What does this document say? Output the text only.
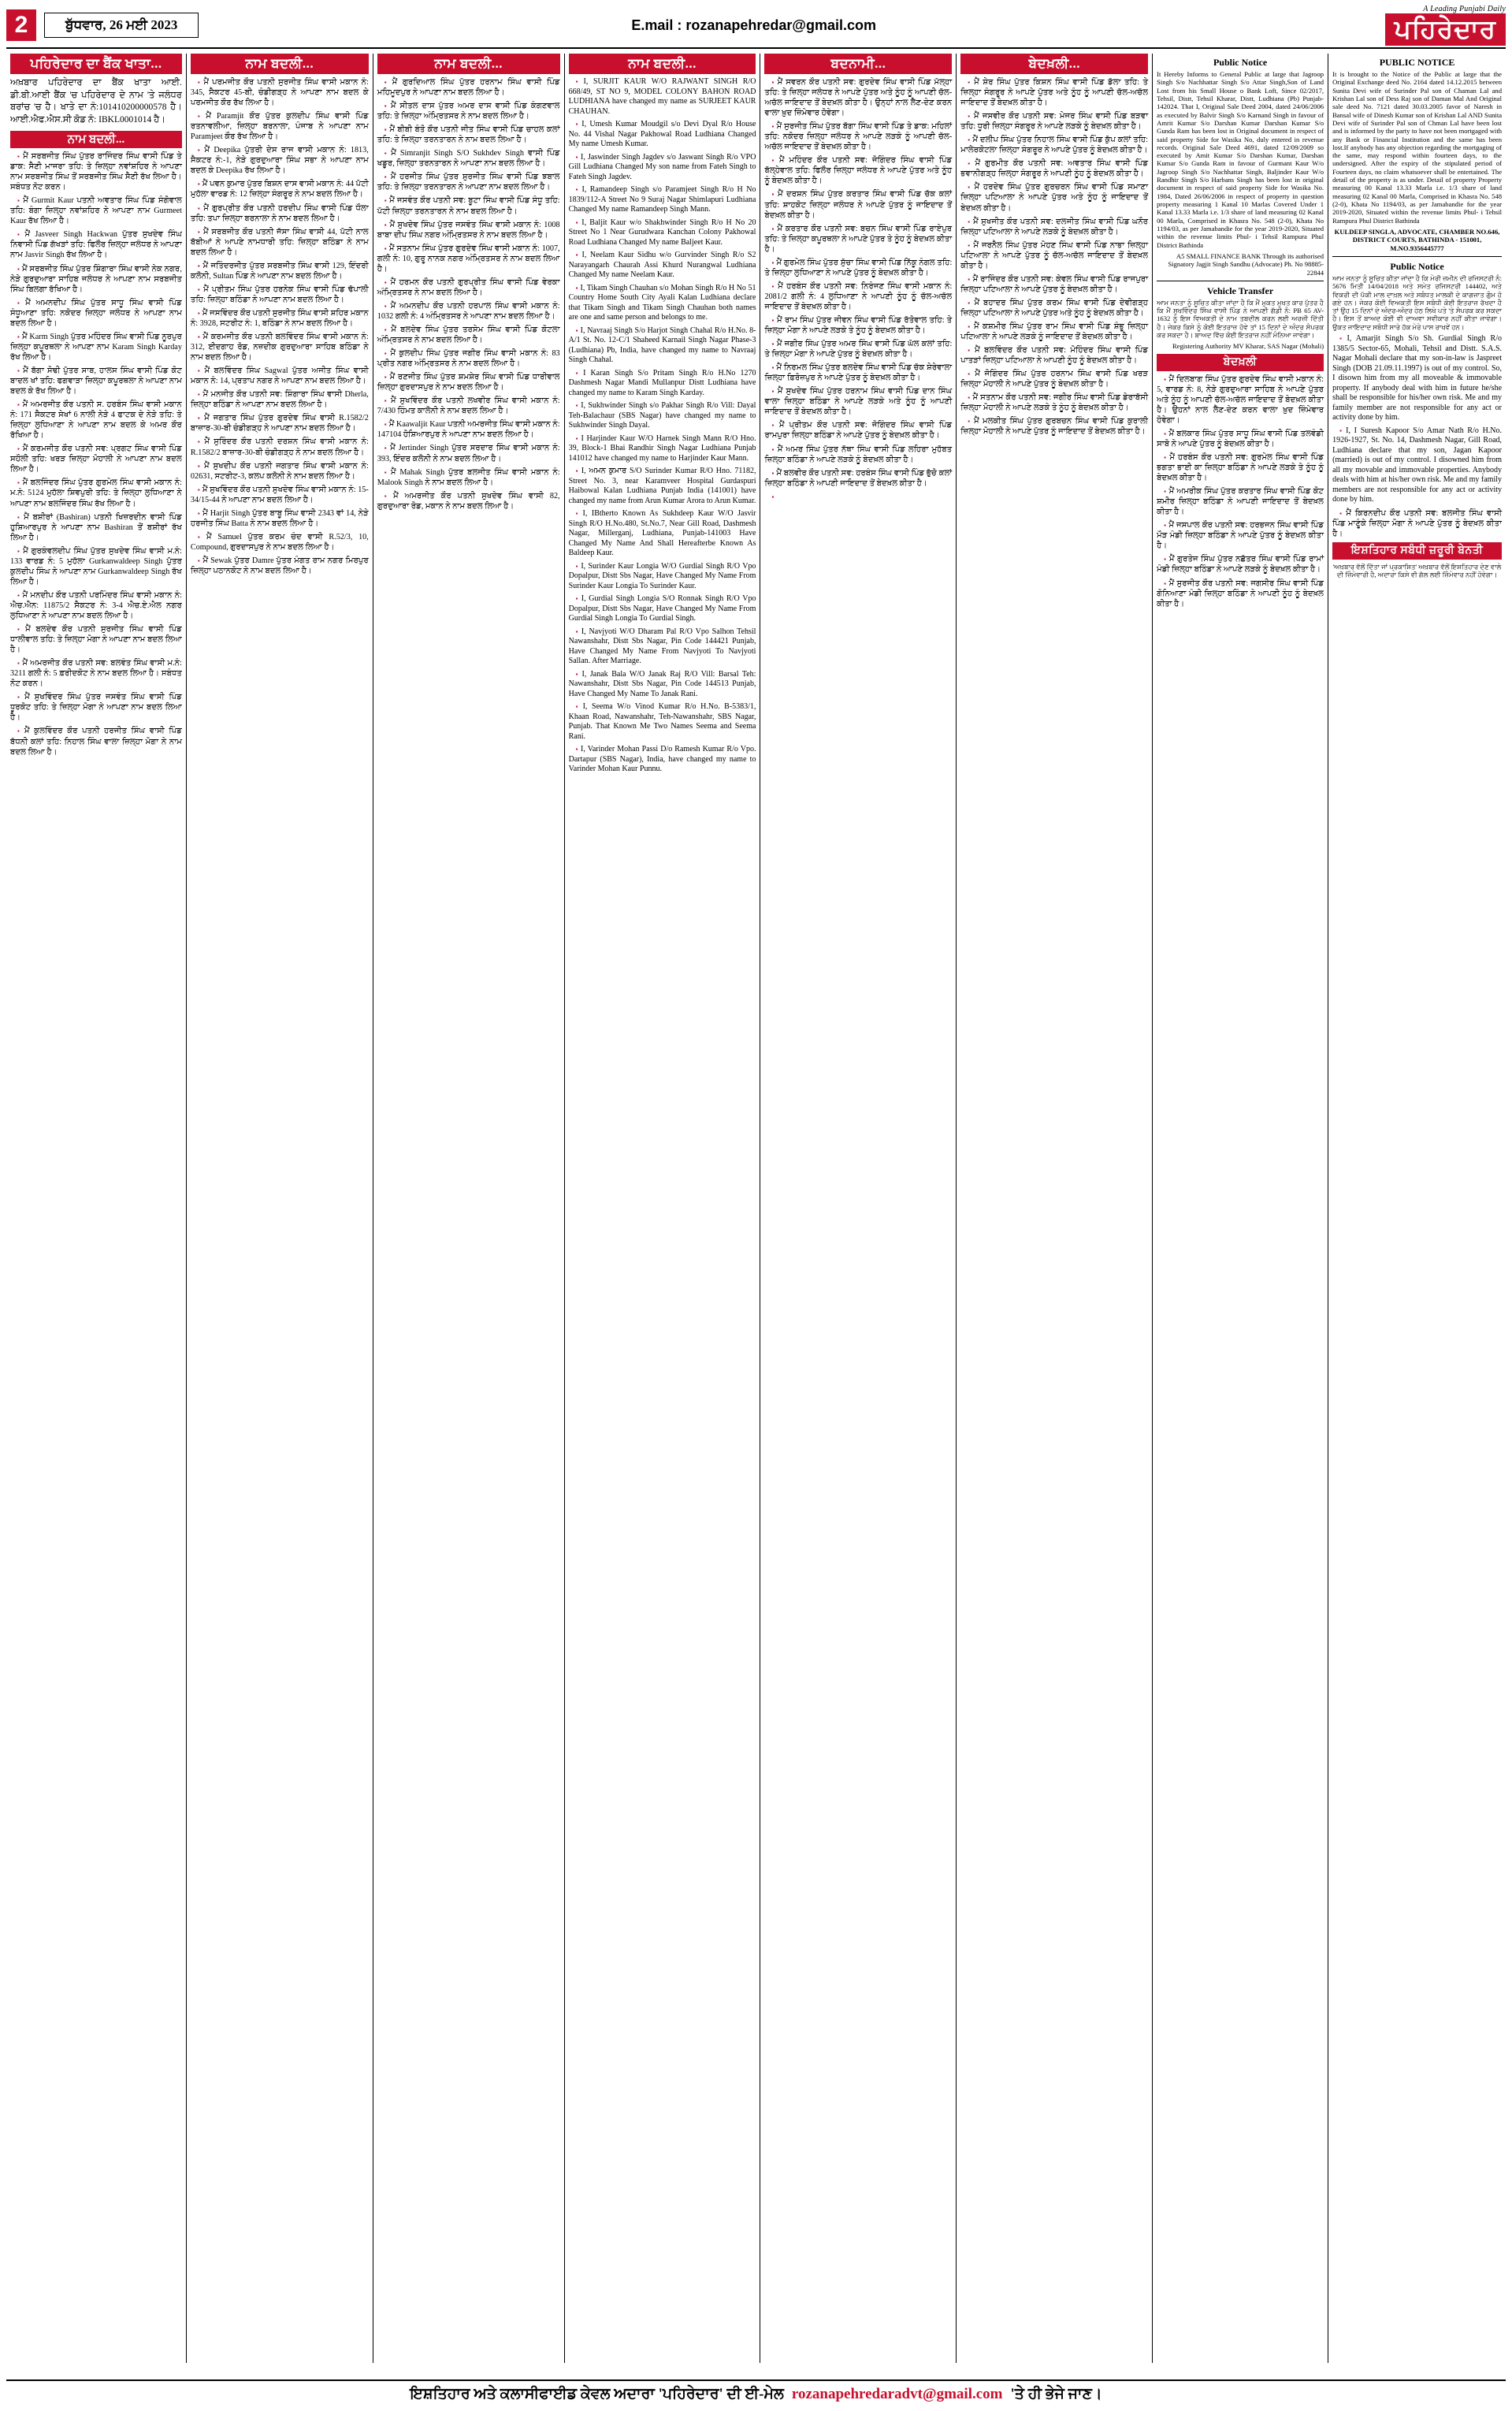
2	ਬੁੱਧਵਾਰ, 26 ਮਈ 2023	E.mail : rozanapehredar@gmail.com
A Leading Punjabi Daily
ਪਹਿਰੇਦਾਰ
ਪਹਿਰੇਦਾਰ ਦਾ ਬੈਂਕ ਖਾਤਾ...
ਅਖ਼ਬਾਰ ਪਹਿਰੇਦਾਰ ਦਾ ਬੈਂਕ ਖਾਤਾ ਆਈ. ਡੀ.ਬੀ.ਆਈ ਬੈਂਕ 'ਚ ਪਹਿਰੇਦਾਰ ਦੇ ਨਾਮ 'ਤੇ ਜਲੰਧਰ ਬਰਾਂਚ 'ਚ ਹੈ। ਖਾਤੇ ਦਾ ਨੰ:101410200000578 ਹੈ। ਆਈ.ਐਫ.ਐਸ.ਸੀ ਕੋਡ ਨੰ: IBKL0001014 ਹੈ।
ਨਾਮ ਬਦਲੀ...
▪ ਮੈਂ ਸਰਬਜੀਤ ਸਿੰਘ ਪੁੱਤਰ ਰਾਜਿੰਦਰ ਸਿੰਘ ਵਾਸੀ ਪਿੰਡ ਤੇ ਡਾਕ: ਸੈਣੀ ਮਾਜਰਾ ਤਹਿ: ਤੇ ਜ਼ਿਲ੍ਹਾ ਨਵਾਂਸ਼ਹਿਰ ਨੇ ਆਪਣਾ ਨਾਮ ਸਰਬਜੀਤ ਸਿੰਘ ਤੋਂ ਸਰਬਜੀਤ ਸਿੰਘ ਸੈਣੀ ਰੱਖ ਲਿਆ ਹੈ। ਸਬੰਧਤ ਨੋਟ ਕਰਨ।
▪ ਮੈਂ Gurmit Kaur ਪਤਨੀ ਅਵਤਾਰ ਸਿੰਘ ਪਿੰਡ ਸੰਗੋਵਾਲ ਤਹਿ: ਬੰਗਾ ਜ਼ਿਲ੍ਹਾ ਨਵਾਂਸ਼ਹਿਰ ਨੇ ਆਪਣਾ ਨਾਮ Gurmeet Kaur ਰੱਖ ਲਿਆ ਹੈ।
▪ ਮੈਂ Jasveer Singh Hackwan ਪੁੱਤਰ ਸੁਖਦੇਵ ਸਿੰਘ ਨਿਵਾਸੀ ਪਿੰਡ ਗੱਖੜਾਂ ਤਹਿ: ਫਿਲੌਰ ਜ਼ਿਲ੍ਹਾ ਜਲੰਧਰ ਨੇ ਆਪਣਾ ਨਾਮ Jasvir Singh ਰੱਖ ਲਿਆ ਹੈ।
▪ ਮੈਂ ਸਰਬਜੀਤ ਸਿੰਘ ਪੁੱਤਰ ਸ਼ਿੰਗਾਰਾ ਸਿੰਘ ਵਾਸੀ ਨੇਕ ਨਗਰ, ਨੇੜੇ ਗੁਰਦੁਆਰਾ ਸਾਹਿਬ ਜਲੰਧਰ ਨੇ ਆਪਣਾ ਨਾਮ ਸਰਬਜੀਤ ਸਿੰਘ ਬਿਲਗਾ ਰੱਖਿਆ ਹੈ।
▪ ਮੈਂ ਅਮਨਦੀਪ ਸਿੰਘ ਪੁੱਤਰ ਸਾਧੂ ਸਿੰਘ ਵਾਸੀ ਪਿੰਡ ਸੰਧੂਆਣਾ ਤਹਿ: ਨਕੋਦਰ ਜ਼ਿਲ੍ਹਾ ਜਲੰਧਰ ਨੇ ਆਪਣਾ ਨਾਮ ਬਦਲ ਲਿਆ ਹੈ।
▪ ਮੈਂ Karm Singh ਪੁੱਤਰ ਮਹਿੰਦਰ ਸਿੰਘ ਵਾਸੀ ਪਿੰਡ ਨੂਰਪੁਰ ਜ਼ਿਲ੍ਹਾ ਕਪੂਰਥਲਾ ਨੇ ਆਪਣਾ ਨਾਮ Karam Singh Karday ਰੱਖ ਲਿਆ ਹੈ।
▪ ਮੈਂ ਬੱਗਾ ਸੋਢੀ ਪੁੱਤਰ ਸਾਬ, ਹਾਲਸ ਸਿੰਘ ਵਾਸੀ ਪਿੰਡ ਕੋਟ ਬਾਦਲ ਖਾਂ ਤਹਿ: ਫਗਵਾੜਾ ਜ਼ਿਲ੍ਹਾ ਕਪੂਰਥਲਾ ਨੇ ਆਪਣਾ ਨਾਮ ਬਦਲ ਕੇ ਰੱਖ ਲਿਆ ਹੈ।
▪ ਮੈਂ ਅਮਰਜੀਤ ਕੌਰ ਪਤਨੀ ਸ. ਹਰਬੰਸ ਸਿੰਘ ਵਾਸੀ ਮਕਾਨ ਨੰ: 171 ਸੈਕਟਰ ਸੇਖਾਂ 6 ਨਾਲੀ ਨੇੜੇ 4 ਫਾਟਕ ਦੇ ਨੇੜੇ ਤਹਿ: ਤੇ ਜ਼ਿਲ੍ਹਾ ਲੁਧਿਆਣਾ ਨੇ ਆਪਣਾ ਨਾਮ ਬਦਲ ਕੇ ਅਮਰ ਕੌਰ ਰੱਖਿਆ ਹੈ।
▪ ਮੈਂ ਕਰਮਜੀਤ ਕੌਰ ਪਤਨੀ ਸਵ: ਪ੍ਰਗਟ ਸਿੰਘ ਵਾਸੀ ਪਿੰਡ ਸਹੌਲੀ ਤਹਿ: ਖਰੜ ਜ਼ਿਲ੍ਹਾ ਮੋਹਾਲੀ ਨੇ ਆਪਣਾ ਨਾਮ ਬਦਲ ਲਿਆ ਹੈ।
▪ ਮੈਂ ਬਲਜਿੰਦਰ ਸਿੰਘ ਪੁੱਤਰ ਗੁਰਮੇਲ ਸਿੰਘ ਵਾਸੀ ਮਕਾਨ ਨੰ: ਮ.ਨੰ: 5124 ਮੁਹੱਲਾ ਸ਼ਿਵਪੁਰੀ ਤਹਿ: ਤੇ ਜ਼ਿਲ੍ਹਾ ਲੁਧਿਆਣਾ ਨੇ ਆਪਣਾ ਨਾਮ ਬਲਜਿੰਦਰ ਸਿੰਘ ਰੱਖ ਲਿਆ ਹੈ।
▪ ਮੈਂ ਬਸ਼ੀਰਾਂ (Bashiran) ਪਤਨੀ ਖਿਜ਼ਰਦੀਨ ਵਾਸੀ ਪਿੰਡ ਹੁਸ਼ਿਆਰਪੁਰ ਨੇ ਆਪਣਾ ਨਾਮ Bashiran ਤੋਂ ਬਸ਼ੀਰਾਂ ਰੱਖ ਲਿਆ ਹੈ।
▪ ਮੈਂ ਗੁਰਕੰਵਲਦੀਪ ਸਿੰਘ ਪੁੱਤਰ ਸੁਖਦੇਵ ਸਿੰਘ ਵਾਸੀ ਮ.ਨੰ: 133 ਵਾਰਡ ਨੰ: 5 ਮੁਹੱਲਾ Gurkanwaldeep Singh ਪੁੱਤਰ ਕੁਲਦੀਪ ਸਿੰਘ ਨੇ ਆਪਣਾ ਨਾਮ Gurkanwaldeep Singh ਰੱਖ ਲਿਆ ਹੈ।
▪ ਮੈਂ ਮਨਦੀਪ ਕੌਰ ਪਤਨੀ ਪਰਮਿੰਦਰ ਸਿੰਘ ਵਾਸੀ ਮਕਾਨ ਨੰ: ਐਚ.ਐਨ: 11875/2 ਸੈਕਟਰ ਨੰ: 3-4 ਐਚ.ਏ.ਐਲ ਨਗਰ ਲੁਧਿਆਣਾ ਨੇ ਆਪਣਾ ਨਾਮ ਬਦਲ ਲਿਆ ਹੈ।
▪ ਮੈਂ ਬਲਦੇਵ ਕੌਰ ਪਤਨੀ ਸੁਰਜੀਤ ਸਿੰਘ ਵਾਸੀ ਪਿੰਡ ਧਾਲੀਵਾਲ ਤਹਿ: ਤੇ ਜ਼ਿਲ੍ਹਾ ਮੋਗਾ ਨੇ ਆਪਣਾ ਨਾਮ ਬਦਲ ਲਿਆ ਹੈ।
▪ ਮੈਂ ਅਮਰਜੀਤ ਕੌਰ ਪਤਨੀ ਸਵ: ਬਲਵੰਤ ਸਿੰਘ ਵਾਸੀ ਮ.ਨੰ: 3211 ਗਲੀ ਨੰ: 5 ਫ਼ਰੀਦਕੋਟ ਨੇ ਨਾਮ ਬਦਲ ਲਿਆ ਹੈ। ਸਬੰਧਤ ਨੋਟ ਕਰਨ।
▪ ਮੈਂ ਸੁਖਵਿੰਦਰ ਸਿੰਘ ਪੁੱਤਰ ਜਸਵੰਤ ਸਿੰਘ ਵਾਸੀ ਪਿੰਡ ਧੂਰਕੋਟ ਤਹਿ: ਤੇ ਜ਼ਿਲ੍ਹਾ ਮੋਗਾ ਨੇ ਆਪਣਾ ਨਾਮ ਬਦਲ ਲਿਆ ਹੈ।
▪ ਮੈਂ ਕੁਲਵਿੰਦਰ ਕੌਰ ਪਤਨੀ ਹਰਜੀਤ ਸਿੰਘ ਵਾਸੀ ਪਿੰਡ ਬੱਧਨੀ ਕਲਾਂ ਤਹਿ: ਨਿਹਾਲ ਸਿੰਘ ਵਾਲਾ ਜ਼ਿਲ੍ਹਾ ਮੋਗਾ ਨੇ ਨਾਮ ਬਦਲ ਲਿਆ ਹੈ।
ਨਾਮ ਬਦਲੀ...
▪ ਮੈਂ ਪਰਮਜੀਤ ਕੌਰ ਪਤਨੀ ਸੁਰਜੀਤ ਸਿੰਘ ਵਾਸੀ ਮਕਾਨ ਨੰ: 345, ਸੈਕਟਰ 45-ਬੀ, ਚੰਡੀਗੜ੍ਹ ਨੇ ਆਪਣਾ ਨਾਮ ਬਦਲ ਕੇ ਪਰਮਜੀਤ ਕੌਰ ਰੱਖ ਲਿਆ ਹੈ।
▪ ਮੈਂ Paramjit ਕੌਰ ਪੁੱਤਰ ਕੁਲਦੀਪ ਸਿੰਘ ਵਾਸੀ ਪਿੰਡ ਰਤਨਾਵਲੀਆ, ਜ਼ਿਲ੍ਹਾ ਬਰਨਾਲਾ, ਪੰਜਾਬ ਨੇ ਆਪਣਾ ਨਾਮ Paramjeet ਕੌਰ ਰੱਖ ਲਿਆ ਹੈ।
▪ ਮੈਂ Deepika ਪੁੱਤਰੀ ਦੇਸ ਰਾਜ ਵਾਸੀ ਮਕਾਨ ਨੰ: 1813, ਸੈਕਟਰ ਨੰ:-1, ਨੇੜੇ ਗੁਰਦੁਆਰਾ ਸਿੰਘ ਸਭਾ ਨੇ ਆਪਣਾ ਨਾਮ ਬਦਲ ਕੇ Deepika ਰੱਖ ਲਿਆ ਹੈ।
▪ ਮੈਂ ਪਵਨ ਕੁਮਾਰ ਪੁੱਤਰ ਬਿਸ਼ਨ ਦਾਸ ਵਾਸੀ ਮਕਾਨ ਨੰ: 44 ਪੱਟੀ ਮੁਹੱਲਾ ਵਾਰਡ ਨੰ: 12 ਜ਼ਿਲ੍ਹਾ ਸੰਗਰੂਰ ਨੇ ਨਾਮ ਬਦਲ ਲਿਆ ਹੈ।
▪ ਮੈਂ ਗੁਰਪ੍ਰੀਤ ਕੌਰ ਪਤਨੀ ਹਰਦੀਪ ਸਿੰਘ ਵਾਸੀ ਪਿੰਡ ਧੌਲਾ ਤਹਿ: ਤਪਾ ਜ਼ਿਲ੍ਹਾ ਬਰਨਾਲਾ ਨੇ ਨਾਮ ਬਦਲ ਲਿਆ ਹੈ।
▪ ਮੈਂ ਸਰਬਜੀਤ ਕੌਰ ਪਤਨੀ ਜੱਸਾ ਸਿੰਘ ਵਾਸੀ 44, ਪੱਟੀ ਨਾਲ ਬੱਬੀਆਂ ਨੇ ਆਪਣੇ ਨਾਮਧਾਰੀ ਤਹਿ: ਜ਼ਿਲ੍ਹਾ ਬਠਿੰਡਾ ਨੇ ਨਾਮ ਬਦਲ ਲਿਆ ਹੈ।
▪ ਮੈਂ ਜਤਿੰਦਰਜੀਤ ਪੁੱਤਰ ਸਰਬਜੀਤ ਸਿੰਘ ਵਾਸੀ 129, ਇੰਦਰੀ ਕਲੋਨੀ, Sultan ਪਿੰਡ ਨੇ ਆਪਣਾ ਨਾਮ ਬਦਲ ਲਿਆ ਹੈ।
▪ ਮੈਂ ਪ੍ਰੀਤਮ ਸਿੰਘ ਪੁੱਤਰ ਹਰਨੇਕ ਸਿੰਘ ਵਾਸੀ ਪਿੰਡ ਢੱਪਾਲੀ ਤਹਿ: ਜ਼ਿਲ੍ਹਾ ਬਠਿੰਡਾ ਨੇ ਆਪਣਾ ਨਾਮ ਬਦਲ ਲਿਆ ਹੈ।
▪ ਮੈਂ ਜਸਵਿੰਦਰ ਕੌਰ ਪਤਨੀ ਸੁਰਜੀਤ ਸਿੰਘ ਵਾਸੀ ਸ਼ਹਿਰ ਮਕਾਨ ਨੰ: 3928, ਸਟਰੀਟ ਨੰ: 1, ਬਠਿੰਡਾ ਨੇ ਨਾਮ ਬਦਲ ਲਿਆ ਹੈ।
▪ ਮੈਂ ਕਰਮਜੀਤ ਕੌਰ ਪਤਨੀ ਬਲਵਿੰਦਰ ਸਿੰਘ ਵਾਸੀ ਮਕਾਨ ਨੰ: 312, ਈਦਗਾਹ ਰੋਡ, ਨਜ਼ਦੀਕ ਗੁਰਦੁਆਰਾ ਸਾਹਿਬ ਬਠਿੰਡਾ ਨੇ ਨਾਮ ਬਦਲ ਲਿਆ ਹੈ।
▪ ਮੈਂ ਬਲਵਿੰਦਰ ਸਿੰਘ Sagwal ਪੁੱਤਰ ਅਜੀਤ ਸਿੰਘ ਵਾਸੀ ਮਕਾਨ ਨੰ: 14, ਪ੍ਰਤਾਪ ਨਗਰ ਨੇ ਆਪਣਾ ਨਾਮ ਬਦਲ ਲਿਆ ਹੈ।
▪ ਮੈਂ ਮਨਜੀਤ ਕੌਰ ਪਤਨੀ ਸਵ: ਸ਼ਿੰਗਾਰਾ ਸਿੰਘ ਵਾਸੀ Dherla, ਜ਼ਿਲ੍ਹਾ ਬਠਿੰਡਾ ਨੇ ਆਪਣਾ ਨਾਮ ਬਦਲ ਲਿਆ ਹੈ।
▪ ਮੈਂ ਜਗਤਾਰ ਸਿੰਘ ਪੁੱਤਰ ਗੁਰਦੇਵ ਸਿੰਘ ਵਾਸੀ R.1582/2 ਬਾਜ਼ਾਰ-30-ਬੀ ਚੰਡੀਗੜ੍ਹ ਨੇ ਆਪਣਾ ਨਾਮ ਬਦਲ ਲਿਆ ਹੈ।
▪ ਮੈਂ ਸੁਰਿੰਦਰ ਕੌਰ ਪਤਨੀ ਦਰਸ਼ਨ ਸਿੰਘ ਵਾਸੀ ਮਕਾਨ ਨੰ: R.1582/2 ਬਾਜ਼ਾਰ-30-ਬੀ ਚੰਡੀਗੜ੍ਹ ਨੇ ਨਾਮ ਬਦਲ ਲਿਆ ਹੈ।
▪ ਮੈਂ ਸੁਖਦੀਪ ਕੌਰ ਪਤਨੀ ਜਗਤਾਰ ਸਿੰਘ ਵਾਸੀ ਮਕਾਨ ਨੰ: 02631, ਸਟਰੀਟ-3, ਕਲਪ ਕਲੋਨੀ ਨੇ ਨਾਮ ਬਦਲ ਲਿਆ ਹੈ।
▪ ਮੈਂ ਸੁਖਵਿੰਦਰ ਕੌਰ ਪਤਨੀ ਸੁਖਦੇਵ ਸਿੰਘ ਵਾਸੀ ਮਕਾਨ ਨੰ: 15-34/15-44 ਨੇ ਆਪਣਾ ਨਾਮ ਬਦਲ ਲਿਆ ਹੈ।
▪ ਮੈਂ Harjit Singh ਪੁੱਤਰ ਬਾਬੂ ਸਿੰਘ ਵਾਸੀ 2343 ਵਾਂ 14, ਨੇੜੇ ਹਰਜੀਤ ਸਿੰਘ Batta ਨੇ ਨਾਮ ਬਦਲ ਲਿਆ ਹੈ।
▪ ਮੈਂ Samuel ਪੁੱਤਰ ਕਰਮ ਚੰਦ ਵਾਸੀ R.52/3, 10, Compound, ਗੁਰਦਾਸਪੁਰ ਨੇ ਨਾਮ ਬਦਲ ਲਿਆ ਹੈ।
▪ ਮੈਂ Sewak ਪੁੱਤਰ Damre ਪੁੱਤਰ ਮੰਗਤ ਰਾਮ ਨਗਰ ਮਿਰਪੁਰ ਜ਼ਿਲ੍ਹਾ ਪਠਾਨਕੋਟ ਨੇ ਨਾਮ ਬਦਲ ਲਿਆ ਹੈ।
ਨਾਮ ਬਦਲੀ...
▪ ਮੈਂ ਗੁਰਦਿਆਲ ਸਿੰਘ ਪੁੱਤਰ ਹਰਨਾਮ ਸਿੰਘ ਵਾਸੀ ਪਿੰਡ ਮਹਿਮੂਦਪੁਰ ਨੇ ਆਪਣਾ ਨਾਮ ਬਦਲ ਲਿਆ ਹੈ।
▪ ਮੈਂ ਸੀਤਲ ਦਾਸ ਪੁੱਤਰ ਅਮਰ ਦਾਸ ਵਾਸੀ ਪਿੰਡ ਕੰਗਣਵਾਲ ਤਹਿ: ਤੇ ਜ਼ਿਲ੍ਹਾ ਅੰਮ੍ਰਿਤਸਰ ਨੇ ਨਾਮ ਬਦਲ ਲਿਆ ਹੈ।
▪ ਮੈਂ ਬੀਬੀ ਬੰਤੋ ਕੌਰ ਪਤਨੀ ਜੀਤ ਸਿੰਘ ਵਾਸੀ ਪਿੰਡ ਚਾਹਲ ਕਲਾਂ ਤਹਿ: ਤੇ ਜ਼ਿਲ੍ਹਾ ਤਰਨਤਾਰਨ ਨੇ ਨਾਮ ਬਦਲ ਲਿਆ ਹੈ।
▪ ਮੈਂ Simranjit Singh S/O Sukhdev Singh ਵਾਸੀ ਪਿੰਡ ਖਡੂਰ, ਜ਼ਿਲ੍ਹਾ ਤਰਨਤਾਰਨ ਨੇ ਆਪਣਾ ਨਾਮ ਬਦਲ ਲਿਆ ਹੈ।
▪ ਮੈਂ ਹਰਜੀਤ ਸਿੰਘ ਪੁੱਤਰ ਸੁਰਜੀਤ ਸਿੰਘ ਵਾਸੀ ਪਿੰਡ ਝਬਾਲ ਤਹਿ: ਤੇ ਜ਼ਿਲ੍ਹਾ ਤਰਨਤਾਰਨ ਨੇ ਆਪਣਾ ਨਾਮ ਬਦਲ ਲਿਆ ਹੈ।
▪ ਮੈਂ ਜਸਵੰਤ ਕੌਰ ਪਤਨੀ ਸਵ: ਬੂਟਾ ਸਿੰਘ ਵਾਸੀ ਪਿੰਡ ਸੰਧੂ ਤਹਿ: ਪੱਟੀ ਜ਼ਿਲ੍ਹਾ ਤਰਨਤਾਰਨ ਨੇ ਨਾਮ ਬਦਲ ਲਿਆ ਹੈ।
▪ ਮੈਂ ਸੁਖਦੇਵ ਸਿੰਘ ਪੁੱਤਰ ਜਸਵੰਤ ਸਿੰਘ ਵਾਸੀ ਮਕਾਨ ਨੰ: 1008 ਬਾਬਾ ਦੀਪ ਸਿੰਘ ਨਗਰ ਅੰਮ੍ਰਿਤਸਰ ਨੇ ਨਾਮ ਬਦਲ ਲਿਆ ਹੈ।
▪ ਮੈਂ ਸਤਨਾਮ ਸਿੰਘ ਪੁੱਤਰ ਗੁਰਦੇਵ ਸਿੰਘ ਵਾਸੀ ਮਕਾਨ ਨੰ: 1007, ਗਲੀ ਨੰ: 10, ਗੁਰੂ ਨਾਨਕ ਨਗਰ ਅੰਮ੍ਰਿਤਸਰ ਨੇ ਨਾਮ ਬਦਲ ਲਿਆ ਹੈ।
▪ ਮੈਂ ਹਰਮਨ ਕੌਰ ਪਤਨੀ ਗੁਰਪ੍ਰੀਤ ਸਿੰਘ ਵਾਸੀ ਪਿੰਡ ਵੇਰਕਾ ਅੰਮ੍ਰਿਤਸਰ ਨੇ ਨਾਮ ਬਦਲ ਲਿਆ ਹੈ।
▪ ਮੈਂ ਅਮਨਦੀਪ ਕੌਰ ਪਤਨੀ ਹਰਪਾਲ ਸਿੰਘ ਵਾਸੀ ਮਕਾਨ ਨੰ: 1032 ਗਲੀ ਨੰ: 4 ਅੰਮ੍ਰਿਤਸਰ ਨੇ ਆਪਣਾ ਨਾਮ ਬਦਲ ਲਿਆ ਹੈ।
▪ ਮੈਂ ਬਲਦੇਵ ਸਿੰਘ ਪੁੱਤਰ ਤਰਸੇਮ ਸਿੰਘ ਵਾਸੀ ਪਿੰਡ ਕੋਟਲਾ ਅੰਮ੍ਰਿਤਸਰ ਨੇ ਨਾਮ ਬਦਲ ਲਿਆ ਹੈ।
▪ ਮੈਂ ਕੁਲਦੀਪ ਸਿੰਘ ਪੁੱਤਰ ਜਗੀਰ ਸਿੰਘ ਵਾਸੀ ਮਕਾਨ ਨੰ: 83 ਪ੍ਰੀਤ ਨਗਰ ਅੰਮ੍ਰਿਤਸਰ ਨੇ ਨਾਮ ਬਦਲ ਲਿਆ ਹੈ।
▪ ਮੈਂ ਰਣਜੀਤ ਸਿੰਘ ਪੁੱਤਰ ਸ਼ਮਸ਼ੇਰ ਸਿੰਘ ਵਾਸੀ ਪਿੰਡ ਧਾਰੀਵਾਲ ਜ਼ਿਲ੍ਹਾ ਗੁਰਦਾਸਪੁਰ ਨੇ ਨਾਮ ਬਦਲ ਲਿਆ ਹੈ।
▪ ਮੈਂ ਸੁਖਵਿੰਦਰ ਕੌਰ ਪਤਨੀ ਲਖਵੀਰ ਸਿੰਘ ਵਾਸੀ ਮਕਾਨ ਨੰ: 7/430 ਹਿੰਮਤ ਕਾਲੋਨੀ ਨੇ ਨਾਮ ਬਦਲ ਲਿਆ ਹੈ।
▪ ਮੈਂ Kaawaljit Kaur ਪਤਨੀ ਅਮਰਜੀਤ ਸਿੰਘ ਵਾਸੀ ਮਕਾਨ ਨੰ: 147104 ਹੋਸ਼ਿਆਰਪੁਰ ਨੇ ਆਪਣਾ ਨਾਮ ਬਦਲ ਲਿਆ ਹੈ।
▪ ਮੈਂ Jertinder Singh ਪੁੱਤਰ ਸਰਦਾਰ ਸਿੰਘ ਵਾਸੀ ਮਕਾਨ ਨੰ: 393, ਇੰਦਰ ਕਲੋਨੀ ਨੇ ਨਾਮ ਬਦਲ ਲਿਆ ਹੈ।
▪ ਮੈਂ Mahak Singh ਪੁੱਤਰ ਬਲਜੀਤ ਸਿੰਘ ਵਾਸੀ ਮਕਾਨ ਨੰ: Malook Singh ਨੇ ਨਾਮ ਬਦਲ ਲਿਆ ਹੈ।
▪ ਮੈਂ ਅਮਰਜੀਤ ਕੌਰ ਪਤਨੀ ਸੁਖਦੇਵ ਸਿੰਘ ਵਾਸੀ 82, ਗੁਰਦੁਆਰਾ ਰੋਡ, ਮਕਾਨ ਨੇ ਨਾਮ ਬਦਲ ਲਿਆ ਹੈ।
ਨਾਮ ਬਦਲੀ...
▪ I, SURJIT KAUR W/O RAJWANT SINGH R/O 668/49, ST NO 9, MODEL COLONY BAHON ROAD LUDHIANA have changed my name as SURJEET KAUR CHAUHAN.
▪ I, Umesh Kumar Moudgil s/o Devi Dyal R/o House No. 44 Vishal Nagar Pakhowal Road Ludhiana Changed My name Umesh Kumar.
▪ I, Jaswinder Singh Jagdev s/o Jaswant Singh R/o VPO Gill Ludhiana Changed My son name from Fateh Singh to Fateh Singh Jagdev.
▪ I, Ramandeep Singh s/o Paramjeet Singh R/o H No 1839/112-A Street No 9 Suraj Nagar Shimlapuri Ludhiana Changed My name Ramandeep Singh Mann.
▪ I, Baljit Kaur w/o Shakhwinder Singh R/o H No 20 Street No 1 Near Gurudwara Kanchan Colony Pakhowal Road Ludhiana Changed My name Baljeet Kaur.
▪ I, Neelam Kaur Sidhu w/o Gurvinder Singh R/o S2 Narayangarh Chaurah Assi Khurd Nurangwal Ludhiana Changed My name Neelam Kaur.
▪ I, Tikam Singh Chauhan s/o Mohan Singh R/o H No 51 Country Home South City Ayali Kalan Ludhiana declare that Tikam Singh and Tikam Singh Chauhan both names are one and same person and belongs to me.
▪ I, Navraaj Singh S/o Harjot Singh Chahal R/o H.No. 8- A/1 St. No. 12-C/1 Shaheed Karnail Singh Nagar Phase-3 (Ludhiana) Pb, India, have changed my name to Navraaj Singh Chahal.
▪ I Karan Singh S/o Pritam Singh R/o H.No 1270 Dashmesh Nagar Mandi Mullanpur Distt Ludhiana have changed my name to Karam Singh Karday.
▪ I, Sukhwinder Singh s/o Pakhar Singh R/o Vill: Dayal Teh-Balachaur (SBS Nagar) have changed my name to Sukhwinder Singh Dayal.
▪ I Harjinder Kaur W/O Harnek Singh Mann R/O Hno. 39, Block-1 Bhai Randhir Singh Nagar Ludhiana Punjab 141012 have changed my name to Harjinder Kaur Mann.
▪ I, ਅਮਨ ਕੁਮਾਰ S/O Surinder Kumar R/O Hno. 71182, Street No. 3, near Karamveer Hospital Gurdaspuri Haibowal Kalan Ludhiana Punjab India (141001) have changed my name from Arun Kumar Arora to Arun Kumar.
▪ I, IBtherto Known As Sukhdeep Kaur W/O Jasvir Singh R/O H.No.480, St.No.7, Near Gill Road, Dashmesh Nagar, Millerganj, Ludhiana, Punjab-141003 Have Changed My Name And Shall Hereafterbe Known As Baldeep Kaur.
▪ I, Surinder Kaur Longia W/O Gurdial Singh R/O Vpo Dopalpur, Distt Sbs Nagar, Have Changed My Name From Surinder Kaur Longia To Surinder Kaur.
▪ I, Gurdial Singh Longia S/O Ronnak Singh R/O Vpo Dopalpur, Distt Sbs Nagar, Have Changed My Name From Gurdial Singh Longia To Gurdial Singh.
▪ I, Navjyoti W/O Dharam Pal R/O Vpo Salhon Tehsil Nawanshahr, Distt Sbs Nagar, Pin Code 144421 Punjab, Have Changed My Name From Navjyoti To Navjyoti Sallan. After Marriage.
▪ I, Janak Bala W/O Janak Raj R/O Vill: Barsal Teh: Nawanshahr, Distt Sbs Nagar, Pin Code 144513 Punjab, Have Changed My Name To Janak Rani.
▪ I, Seema W/o Vinod Kumar R/o H.No. B-5383/1, Khaan Road, Nawanshahr, Teh-Nawanshahr, SBS Nagar, Punjab. That Known Me Two Names Seema and Seema Rani.
▪ I, Varinder Mohan Passi D/o Ramesh Kumar R/o Vpo. Dartapur (SBS Nagar), India, have changed my name to Varinder Mohan Kaur Punnu.
ਬਦਨਾਮੀ...
▪ ਮੈਂ ਸਵਰਨ ਕੌਰ ਪਤਨੀ ਸਵ: ਗੁਰਦੇਵ ਸਿੰਘ ਵਾਸੀ ਪਿੰਡ ਮੱਲ੍ਹਾ ਤਹਿ: ਤੇ ਜ਼ਿਲ੍ਹਾ ਜਲੰਧਰ ਨੇ ਆਪਣੇ ਪੁੱਤਰ ਅਤੇ ਨੂੰਹ ਨੂੰ ਆਪਣੀ ਚੱਲ-ਅਚੱਲ ਜਾਇਦਾਦ ਤੋਂ ਬੇਦਖ਼ਲ ਕੀਤਾ ਹੈ। ਉਨ੍ਹਾਂ ਨਾਲ ਲੈਣ-ਦੇਣ ਕਰਨ ਵਾਲਾ ਖ਼ੁਦ ਜ਼ਿੰਮੇਵਾਰ ਹੋਵੇਗਾ।
▪ ਮੈਂ ਸੁਰਜੀਤ ਸਿੰਘ ਪੁੱਤਰ ਬੱਗਾ ਸਿੰਘ ਵਾਸੀ ਪਿੰਡ ਤੇ ਡਾਕ: ਮਹਿਲਾਂ ਤਹਿ: ਨਕੋਦਰ ਜ਼ਿਲ੍ਹਾ ਜਲੰਧਰ ਨੇ ਆਪਣੇ ਲੜਕੇ ਨੂੰ ਆਪਣੀ ਚੱਲ-ਅਚੱਲ ਜਾਇਦਾਦ ਤੋਂ ਬੇਦਖ਼ਲ ਕੀਤਾ ਹੈ।
▪ ਮੈਂ ਮਹਿੰਦਰ ਕੌਰ ਪਤਨੀ ਸਵ: ਜੋਗਿੰਦਰ ਸਿੰਘ ਵਾਸੀ ਪਿੰਡ ਬੱਲ੍ਹੇਵਾਲ ਤਹਿ: ਫਿਲੌਰ ਜ਼ਿਲ੍ਹਾ ਜਲੰਧਰ ਨੇ ਆਪਣੇ ਪੁੱਤਰ ਅਤੇ ਨੂੰਹ ਨੂੰ ਬੇਦਖ਼ਲ ਕੀਤਾ ਹੈ।
▪ ਮੈਂ ਦਰਸ਼ਨ ਸਿੰਘ ਪੁੱਤਰ ਕਰਤਾਰ ਸਿੰਘ ਵਾਸੀ ਪਿੰਡ ਚੱਕ ਕਲਾਂ ਤਹਿ: ਸ਼ਾਹਕੋਟ ਜ਼ਿਲ੍ਹਾ ਜਲੰਧਰ ਨੇ ਆਪਣੇ ਪੁੱਤਰ ਨੂੰ ਜਾਇਦਾਦ ਤੋਂ ਬੇਦਖ਼ਲ ਕੀਤਾ ਹੈ।
▪ ਮੈਂ ਕਰਤਾਰ ਕੌਰ ਪਤਨੀ ਸਵ: ਬਚਨ ਸਿੰਘ ਵਾਸੀ ਪਿੰਡ ਰਾਏਪੁਰ ਤਹਿ: ਤੇ ਜ਼ਿਲ੍ਹਾ ਕਪੂਰਥਲਾ ਨੇ ਆਪਣੇ ਪੁੱਤਰ ਤੇ ਨੂੰਹ ਨੂੰ ਬੇਦਖ਼ਲ ਕੀਤਾ ਹੈ।
▪ ਮੈਂ ਗੁਰਮੇਲ ਸਿੰਘ ਪੁੱਤਰ ਸੁੱਚਾ ਸਿੰਘ ਵਾਸੀ ਪਿੰਡ ਨਿੱਕੂ ਨੰਗਲ ਤਹਿ: ਤੇ ਜ਼ਿਲ੍ਹਾ ਲੁਧਿਆਣਾ ਨੇ ਆਪਣੇ ਪੁੱਤਰ ਨੂੰ ਬੇਦਖ਼ਲ ਕੀਤਾ ਹੈ।
▪ ਮੈਂ ਹਰਬੰਸ ਕੌਰ ਪਤਨੀ ਸਵ: ਨਿਰੰਜਣ ਸਿੰਘ ਵਾਸੀ ਮਕਾਨ ਨੰ: 2081/2 ਗਲੀ ਨੰ: 4 ਲੁਧਿਆਣਾ ਨੇ ਆਪਣੀ ਨੂੰਹ ਨੂੰ ਚੱਲ-ਅਚੱਲ ਜਾਇਦਾਦ ਤੋਂ ਬੇਦਖ਼ਲ ਕੀਤਾ ਹੈ।
▪ ਮੈਂ ਰਾਮ ਸਿੰਘ ਪੁੱਤਰ ਜੀਵਨ ਸਿੰਘ ਵਾਸੀ ਪਿੰਡ ਰੱਤੋਵਾਲ ਤਹਿ: ਤੇ ਜ਼ਿਲ੍ਹਾ ਮੋਗਾ ਨੇ ਆਪਣੇ ਲੜਕੇ ਤੇ ਨੂੰਹ ਨੂੰ ਬੇਦਖ਼ਲ ਕੀਤਾ ਹੈ।
▪ ਮੈਂ ਜਗੀਰ ਸਿੰਘ ਪੁੱਤਰ ਅਮਰ ਸਿੰਘ ਵਾਸੀ ਪਿੰਡ ਘੱਲ ਕਲਾਂ ਤਹਿ: ਤੇ ਜ਼ਿਲ੍ਹਾ ਮੋਗਾ ਨੇ ਆਪਣੇ ਪੁੱਤਰ ਨੂੰ ਬੇਦਖ਼ਲ ਕੀਤਾ ਹੈ।
▪ ਮੈਂ ਨਿਰਮਲ ਸਿੰਘ ਪੁੱਤਰ ਬਲਦੇਵ ਸਿੰਘ ਵਾਸੀ ਪਿੰਡ ਚੱਕ ਸ਼ੇਰੇਵਾਲਾ ਜ਼ਿਲ੍ਹਾ ਫ਼ਿਰੋਜ਼ਪੁਰ ਨੇ ਆਪਣੇ ਪੁੱਤਰ ਨੂੰ ਬੇਦਖ਼ਲ ਕੀਤਾ ਹੈ।
▪ ਮੈਂ ਸੁਖਦੇਵ ਸਿੰਘ ਪੁੱਤਰ ਹਰਨਾਮ ਸਿੰਘ ਵਾਸੀ ਪਿੰਡ ਦਾਨ ਸਿੰਘ ਵਾਲਾ ਜ਼ਿਲ੍ਹਾ ਬਠਿੰਡਾ ਨੇ ਆਪਣੇ ਲੜਕੇ ਅਤੇ ਨੂੰਹ ਨੂੰ ਆਪਣੀ ਜਾਇਦਾਦ ਤੋਂ ਬੇਦਖ਼ਲ ਕੀਤਾ ਹੈ।
▪ ਮੈਂ ਪ੍ਰੀਤਮ ਕੌਰ ਪਤਨੀ ਸਵ: ਜੋਗਿੰਦਰ ਸਿੰਘ ਵਾਸੀ ਪਿੰਡ ਰਾਮਪੁਰਾ ਜ਼ਿਲ੍ਹਾ ਬਠਿੰਡਾ ਨੇ ਆਪਣੇ ਪੁੱਤਰ ਨੂੰ ਬੇਦਖ਼ਲ ਕੀਤਾ ਹੈ।
▪ ਮੈਂ ਅਮਰ ਸਿੰਘ ਪੁੱਤਰ ਨੱਥਾ ਸਿੰਘ ਵਾਸੀ ਪਿੰਡ ਲਹਿਰਾ ਮੁਹੱਬਤ ਜ਼ਿਲ੍ਹਾ ਬਠਿੰਡਾ ਨੇ ਆਪਣੇ ਲੜਕੇ ਨੂੰ ਬੇਦਖ਼ਲ ਕੀਤਾ ਹੈ।
▪ ਮੈਂ ਬਲਵੀਰ ਕੌਰ ਪਤਨੀ ਸਵ: ਹਰਬੰਸ ਸਿੰਘ ਵਾਸੀ ਪਿੰਡ ਭੁੱਚੋ ਕਲਾਂ ਜ਼ਿਲ੍ਹਾ ਬਠਿੰਡਾ ਨੇ ਆਪਣੀ ਜਾਇਦਾਦ ਤੋਂ ਬੇਦਖ਼ਲ ਕੀਤਾ ਹੈ।
▪
ਬੇਦਖ਼ਲੀ...
▪ ਮੈਂ ਸ਼ੇਰ ਸਿੰਘ ਪੁੱਤਰ ਕਿਸ਼ਨ ਸਿੰਘ ਵਾਸੀ ਪਿੰਡ ਡੱਲਾ ਤਹਿ: ਤੇ ਜ਼ਿਲ੍ਹਾ ਸੰਗਰੂਰ ਨੇ ਆਪਣੇ ਪੁੱਤਰ ਅਤੇ ਨੂੰਹ ਨੂੰ ਆਪਣੀ ਚੱਲ-ਅਚੱਲ ਜਾਇਦਾਦ ਤੋਂ ਬੇਦਖ਼ਲ ਕੀਤਾ ਹੈ।
▪ ਮੈਂ ਜਸਵੀਰ ਕੌਰ ਪਤਨੀ ਸਵ: ਮੇਜਰ ਸਿੰਘ ਵਾਸੀ ਪਿੰਡ ਬੜਵਾ ਤਹਿ: ਧੂਰੀ ਜ਼ਿਲ੍ਹਾ ਸੰਗਰੂਰ ਨੇ ਆਪਣੇ ਲੜਕੇ ਨੂੰ ਬੇਦਖ਼ਲ ਕੀਤਾ ਹੈ।
▪ ਮੈਂ ਦਲੀਪ ਸਿੰਘ ਪੁੱਤਰ ਨਿਹਾਲ ਸਿੰਘ ਵਾਸੀ ਪਿੰਡ ਕੁੱਪ ਕਲਾਂ ਤਹਿ: ਮਾਲੇਰਕੋਟਲਾ ਜ਼ਿਲ੍ਹਾ ਸੰਗਰੂਰ ਨੇ ਆਪਣੇ ਪੁੱਤਰ ਨੂੰ ਬੇਦਖ਼ਲ ਕੀਤਾ ਹੈ।
▪ ਮੈਂ ਗੁਰਮੀਤ ਕੌਰ ਪਤਨੀ ਸਵ: ਅਵਤਾਰ ਸਿੰਘ ਵਾਸੀ ਪਿੰਡ ਭਵਾਨੀਗੜ੍ਹ ਜ਼ਿਲ੍ਹਾ ਸੰਗਰੂਰ ਨੇ ਆਪਣੀ ਨੂੰਹ ਨੂੰ ਬੇਦਖ਼ਲ ਕੀਤਾ ਹੈ।
▪ ਮੈਂ ਹਰਦੇਵ ਸਿੰਘ ਪੁੱਤਰ ਗੁਰਚਰਨ ਸਿੰਘ ਵਾਸੀ ਪਿੰਡ ਸਮਾਣਾ ਜ਼ਿਲ੍ਹਾ ਪਟਿਆਲਾ ਨੇ ਆਪਣੇ ਪੁੱਤਰ ਅਤੇ ਨੂੰਹ ਨੂੰ ਜਾਇਦਾਦ ਤੋਂ ਬੇਦਖ਼ਲ ਕੀਤਾ ਹੈ।
▪ ਮੈਂ ਸੁਖਜੀਤ ਕੌਰ ਪਤਨੀ ਸਵ: ਦਲਜੀਤ ਸਿੰਘ ਵਾਸੀ ਪਿੰਡ ਘਨੌਰ ਜ਼ਿਲ੍ਹਾ ਪਟਿਆਲਾ ਨੇ ਆਪਣੇ ਲੜਕੇ ਨੂੰ ਬੇਦਖ਼ਲ ਕੀਤਾ ਹੈ।
▪ ਮੈਂ ਜਰਨੈਲ ਸਿੰਘ ਪੁੱਤਰ ਮੋਹਣ ਸਿੰਘ ਵਾਸੀ ਪਿੰਡ ਨਾਭਾ ਜ਼ਿਲ੍ਹਾ ਪਟਿਆਲਾ ਨੇ ਆਪਣੇ ਪੁੱਤਰ ਨੂੰ ਚੱਲ-ਅਚੱਲ ਜਾਇਦਾਦ ਤੋਂ ਬੇਦਖ਼ਲ ਕੀਤਾ ਹੈ।
▪ ਮੈਂ ਰਾਜਿੰਦਰ ਕੌਰ ਪਤਨੀ ਸਵ: ਕੇਵਲ ਸਿੰਘ ਵਾਸੀ ਪਿੰਡ ਰਾਜਪੁਰਾ ਜ਼ਿਲ੍ਹਾ ਪਟਿਆਲਾ ਨੇ ਆਪਣੇ ਪੁੱਤਰ ਨੂੰ ਬੇਦਖ਼ਲ ਕੀਤਾ ਹੈ।
▪ ਮੈਂ ਬਹਾਦਰ ਸਿੰਘ ਪੁੱਤਰ ਕਰਮ ਸਿੰਘ ਵਾਸੀ ਪਿੰਡ ਦੇਵੀਗੜ੍ਹ ਜ਼ਿਲ੍ਹਾ ਪਟਿਆਲਾ ਨੇ ਆਪਣੇ ਪੁੱਤਰ ਅਤੇ ਨੂੰਹ ਨੂੰ ਬੇਦਖ਼ਲ ਕੀਤਾ ਹੈ।
▪ ਮੈਂ ਕਸ਼ਮੀਰ ਸਿੰਘ ਪੁੱਤਰ ਰਾਮ ਸਿੰਘ ਵਾਸੀ ਪਿੰਡ ਸ਼ੰਭੂ ਜ਼ਿਲ੍ਹਾ ਪਟਿਆਲਾ ਨੇ ਆਪਣੇ ਲੜਕੇ ਨੂੰ ਜਾਇਦਾਦ ਤੋਂ ਬੇਦਖ਼ਲ ਕੀਤਾ ਹੈ।
▪ ਮੈਂ ਬਲਵਿੰਦਰ ਕੌਰ ਪਤਨੀ ਸਵ: ਮੋਹਿੰਦਰ ਸਿੰਘ ਵਾਸੀ ਪਿੰਡ ਪਾਤੜਾਂ ਜ਼ਿਲ੍ਹਾ ਪਟਿਆਲਾ ਨੇ ਆਪਣੀ ਨੂੰਹ ਨੂੰ ਬੇਦਖ਼ਲ ਕੀਤਾ ਹੈ।
▪ ਮੈਂ ਜੋਗਿੰਦਰ ਸਿੰਘ ਪੁੱਤਰ ਹਰਨਾਮ ਸਿੰਘ ਵਾਸੀ ਪਿੰਡ ਖਰੜ ਜ਼ਿਲ੍ਹਾ ਮੋਹਾਲੀ ਨੇ ਆਪਣੇ ਪੁੱਤਰ ਨੂੰ ਬੇਦਖ਼ਲ ਕੀਤਾ ਹੈ।
▪ ਮੈਂ ਸਤਨਾਮ ਕੌਰ ਪਤਨੀ ਸਵ: ਜਗੀਰ ਸਿੰਘ ਵਾਸੀ ਪਿੰਡ ਡੇਰਾਬੱਸੀ ਜ਼ਿਲ੍ਹਾ ਮੋਹਾਲੀ ਨੇ ਆਪਣੇ ਲੜਕੇ ਤੇ ਨੂੰਹ ਨੂੰ ਬੇਦਖ਼ਲ ਕੀਤਾ ਹੈ।
▪ ਮੈਂ ਮਲਕੀਤ ਸਿੰਘ ਪੁੱਤਰ ਗੁਰਬਚਨ ਸਿੰਘ ਵਾਸੀ ਪਿੰਡ ਕੁਰਾਲੀ ਜ਼ਿਲ੍ਹਾ ਮੋਹਾਲੀ ਨੇ ਆਪਣੇ ਪੁੱਤਰ ਨੂੰ ਜਾਇਦਾਦ ਤੋਂ ਬੇਦਖ਼ਲ ਕੀਤਾ ਹੈ।
Public Notice
It Hereby Informs to General Public at large that Jagroop Singh S/o Nachhattar Singh S/o Attar Singh,Son of Land Lost from his Small House o Bank Loft, Since 02/2017, Tehsil, Distt, Tehsil Kharar, Distt, Ludhiana (Pb) Punjab-142024. That I, Original Sale Deed 2004, dated 24/06/2006 as executed by Balvir Singh S/o Karnand Singh in favour of Amrit Kumar S/o Darshan Kumar Darshan Kumar S/o Gunda Ram has been lost in Original document in respect of said property Side for Wasika No, duly entered in revenue records. Original Sale Deed 4691, dated 12/09/2009 so executed by Amit Kumar S/o Darshan Kumar, Darshan Kumar S/o Gunda Ram in favour of Gurmant Kaur W/o Jagroop Singh S/o Nachhattar Singh, Baljinder Kaur W/o Randhir Singh S/o Harbans Singh has been lost in original document in respect of said property Side for Wasika No. 1984, Dated 26/06/2006 in respect of property in question property measuring 1 Kanal 10 Marlas Covered Under 1 Kanal 13.33 Marla i.e. 1/3 share of land measuring 02 Kanal 00 Marla, Comprised in Khasra No. 548 (2-0), Khata No 1194/03, as per Jamabandie for the year 2019-2020, Situated within the revenue limits Phul- i Tehsil Rampura Phul District Bathinda
A5 SMALL FINANCE BANK Through its authorised Signatory Jagjit Singh Sandhu (Advocate) Ph. No 98885-22844
Vehicle Transfer
ਆਮ ਜਨਤਾ ਨੂੰ ਸੂਚਿਤ ਕੀਤਾ ਜਾਂਦਾ ਹੈ ਕਿ ਮੈਂ ਮੁਕਤ ਮੁਖਤ ਕਾਰ ਪੁੱਤਰ ਹੈ ਕਿ ਮੈਂ ਸੁਖਵਿੰਦਰ ਸਿੰਘ ਵਾਸੀ ਪਿੰਡ ਨੇ ਆਪਣੀ ਗੱਡੀ ਨੰ: PB 65 AV-1632 ਨੂੰ ਇਸ ਵਿਅਕਤੀ ਦੇ ਨਾਮ ਤਬਦੀਲ ਕਰਨ ਲਈ ਅਰਜ਼ੀ ਦਿੱਤੀ ਹੈ। ਜੇਕਰ ਕਿਸੇ ਨੂੰ ਕੋਈ ਇਤਰਾਜ਼ ਹੋਵੇ ਤਾਂ 15 ਦਿਨਾਂ ਦੇ ਅੰਦਰ ਸੰਪਰਕ ਕਰ ਸਕਦਾ ਹੈ। ਬਾਅਦ ਵਿੱਚ ਕੋਈ ਇਤਰਾਜ਼ ਨਹੀਂ ਮੰਨਿਆ ਜਾਵੇਗਾ।
Registering Authority MV Kharar, SAS Nagar (Mohali)
ਬੇਦਖ਼ਲੀ
▪ ਮੈਂ ਦਿਲਬਾਗ ਸਿੰਘ ਪੁੱਤਰ ਗੁਰਦੇਵ ਸਿੰਘ ਵਾਸੀ ਮਕਾਨ ਨੰ: 5, ਵਾਰਡ ਨੰ: 8, ਨੇੜੇ ਗੁਰਦੁਆਰਾ ਸਾਹਿਬ ਨੇ ਆਪਣੇ ਪੁੱਤਰ ਅਤੇ ਨੂੰਹ ਨੂੰ ਆਪਣੀ ਚੱਲ-ਅਚੱਲ ਜਾਇਦਾਦ ਤੋਂ ਬੇਦਖ਼ਲ ਕੀਤਾ ਹੈ। ਉਹਨਾਂ ਨਾਲ ਲੈਣ-ਦੇਣ ਕਰਨ ਵਾਲਾ ਖ਼ੁਦ ਜ਼ਿੰਮੇਵਾਰ ਹੋਵੇਗਾ।
▪ ਮੈਂ ਬਲਕਾਰ ਸਿੰਘ ਪੁੱਤਰ ਸਾਧੂ ਸਿੰਘ ਵਾਸੀ ਪਿੰਡ ਤਲਵੰਡੀ ਸਾਬੋ ਨੇ ਆਪਣੇ ਪੁੱਤਰ ਨੂੰ ਬੇਦਖ਼ਲ ਕੀਤਾ ਹੈ।
▪ ਮੈਂ ਹਰਬੰਸ ਕੌਰ ਪਤਨੀ ਸਵ: ਗੁਰਮੇਲ ਸਿੰਘ ਵਾਸੀ ਪਿੰਡ ਭਗਤਾ ਭਾਈ ਕਾ ਜ਼ਿਲ੍ਹਾ ਬਠਿੰਡਾ ਨੇ ਆਪਣੇ ਲੜਕੇ ਤੇ ਨੂੰਹ ਨੂੰ ਬੇਦਖ਼ਲ ਕੀਤਾ ਹੈ।
▪ ਮੈਂ ਅਮਰੀਕ ਸਿੰਘ ਪੁੱਤਰ ਕਰਤਾਰ ਸਿੰਘ ਵਾਸੀ ਪਿੰਡ ਕੋਟ ਸ਼ਮੀਰ ਜ਼ਿਲ੍ਹਾ ਬਠਿੰਡਾ ਨੇ ਆਪਣੀ ਜਾਇਦਾਦ ਤੋਂ ਬੇਦਖ਼ਲ ਕੀਤਾ ਹੈ।
▪ ਮੈਂ ਜਸਪਾਲ ਕੌਰ ਪਤਨੀ ਸਵ: ਹਰਭਜਨ ਸਿੰਘ ਵਾਸੀ ਪਿੰਡ ਮੌੜ ਮੰਡੀ ਜ਼ਿਲ੍ਹਾ ਬਠਿੰਡਾ ਨੇ ਆਪਣੇ ਪੁੱਤਰ ਨੂੰ ਬੇਦਖ਼ਲ ਕੀਤਾ ਹੈ।
▪ ਮੈਂ ਗੁਰਤੇਜ ਸਿੰਘ ਪੁੱਤਰ ਨਛੱਤਰ ਸਿੰਘ ਵਾਸੀ ਪਿੰਡ ਰਾਮਾਂ ਮੰਡੀ ਜ਼ਿਲ੍ਹਾ ਬਠਿੰਡਾ ਨੇ ਆਪਣੇ ਲੜਕੇ ਨੂੰ ਬੇਦਖ਼ਲ ਕੀਤਾ ਹੈ।
▪ ਮੈਂ ਸੁਰਜੀਤ ਕੌਰ ਪਤਨੀ ਸਵ: ਜਗਸੀਰ ਸਿੰਘ ਵਾਸੀ ਪਿੰਡ ਗੋਨਿਆਣਾ ਮੰਡੀ ਜ਼ਿਲ੍ਹਾ ਬਠਿੰਡਾ ਨੇ ਆਪਣੀ ਨੂੰਹ ਨੂੰ ਬੇਦਖ਼ਲ ਕੀਤਾ ਹੈ।
PUBLIC NOTICE
It is brought to the Notice of the Public at large that the Original Exchange deed No. 2164 dated 14.12.2015 between Sunita Devi wife of Surinder Pal son of Chaman Lal and Krishan Lal son of Dess Raj son of Daman Mal And Original sale deed No. 7121 dated 30.03.2005 favor of Naresh in Bansal wife of Dinesh Kumar son of Krishan Lal AND Sunita Devi wife of Surinder Pal son of Chman Lal have been lost and is informed by the party to have not been mortgaged with any Bank or Financial Institution and the same has been lost.If anybody has any objection regarding the mortgaging of the same, may respond within fourteen days, to the undersigned. After the expiry of the stipulated period of Fourteen days, no claim whatsoever shall be entertained. The detail of the property is as under. Detail of property Property measuring 00 Kanal 13.33 Marla i.e. 1/3 share of land measuring 02 Kanal 00 Marla, Comprised in Khasra No. 548 (2-0), Khata No 1194/03, as per Jamabandie for the year 2019-2020, Situated within the revenue limits Phul- i Tehsil Rampura Phul District Bathinda
KULDEEP SINGLA, ADVOCATE, CHAMBER NO.646, DISTRICT COURTS, BATHINDA - 151001, M.NO.9356445777
Public Notice
ਆਮ ਜਨਤਾ ਨੂੰ ਸੂਚਿਤ ਕੀਤਾ ਜਾਂਦਾ ਹੈ ਕਿ ਮੇਰੀ ਜ਼ਮੀਨ ਦੀ ਰਜਿਸਟਰੀ ਨੰ: 5676 ਮਿਤੀ 14/04/2018 ਅਤੇ ਸਮੇਤ ਰਜਿਸਟਰੀ 144402, ਅਤੇ ਵਿਕਰੀ ਦੀ ਪੱਕੀ ਮਾਲ ਦਾਖ਼ਲ ਅਤੇ ਸਬੰਧਤ ਮਾਲਕੀ ਦੇ ਕਾਗਜ਼ਾਤ ਗੁੰਮ ਹੋ ਗਏ ਹਨ। ਜੇਕਰ ਕੋਈ ਵਿਅਕਤੀ ਇਸ ਸਬੰਧੀ ਕੋਈ ਇਤਰਾਜ਼ ਰੱਖਦਾ ਹੈ ਤਾਂ ਉਹ 15 ਦਿਨਾਂ ਦੇ ਅੰਦਰ-ਅੰਦਰ ਹੇਠ ਲਿਖੇ ਪਤੇ 'ਤੇ ਸੰਪਰਕ ਕਰ ਸਕਦਾ ਹੈ। ਇਸ ਤੋਂ ਬਾਅਦ ਕੋਈ ਵੀ ਦਾਅਵਾ ਸਵੀਕਾਰ ਨਹੀਂ ਕੀਤਾ ਜਾਵੇਗਾ। ਉਕਤ ਜਾਇਦਾਦ ਸਬੰਧੀ ਸਾਰੇ ਹੱਕ ਮੇਰੇ ਪਾਸ ਰਾਖਵੇਂ ਹਨ।
▪ I, Amarjit Singh S/o Sh. Gurdial Singh R/o 1385/5 Sector-65, Mohali, Tehsil and Distt. S.A.S. Nagar Mohali declare that my son-in-law is Jaspreet Singh (DOB 21.09.11.1997) is out of my control. So, I disown him from my all moveable & immovable property. If anybody deal with him in future he/she shall be responsible for his/her own risk. Me and my family member are not responsible for any act or activity done by him.
▪ I, I Suresh Kapoor S/o Amar Nath R/o H.No. 1926-1927, St. No. 14, Dashmesh Nagar, Gill Road, Ludhiana declare that my son, Jagan Kapoor (married) is out of my control. I disowned him from all my movable and immovable properties. Anybody deals with him at his/her own risk. Me and my family members are not responsible for any act or activity done by him.
▪ ਮੈਂ ਕਿਰਨਦੀਪ ਕੌਰ ਪਤਨੀ ਸਵ: ਬਲਜੀਤ ਸਿੰਘ ਵਾਸੀ ਪਿੰਡ ਮਾਣੂੰਕੇ ਜ਼ਿਲ੍ਹਾ ਮੋਗਾ ਨੇ ਆਪਣੇ ਪੁੱਤਰ ਨੂੰ ਬੇਦਖ਼ਲ ਕੀਤਾ ਹੈ।
ਇਸ਼ਤਿਹਾਰ ਸਬੰਧੀ ਜ਼ਰੂਰੀ ਬੇਨਤੀ
'ਅਖ਼ਬਾਰ ਵੱਲੋਂ ਦਿੱਤਾ ਜਾਂ ਪ੍ਰਕਾਸ਼ਿਤ' ਅਖ਼ਬਾਰ ਵੱਲੋਂ ਇਸ਼ਤਿਹਾਰ ਦੇਣ ਵਾਲੇ ਦੀ ਜ਼ਿੰਮੇਵਾਰੀ ਹੈ, ਅਦਾਰਾ ਕਿਸੇ ਵੀ ਗੱਲ ਲਈ ਜ਼ਿੰਮੇਵਾਰ ਨਹੀਂ ਹੋਵੇਗਾ।
ਇਸ਼ਤਿਹਾਰ ਅਤੇ ਕਲਾਸੀਫਾਈਡ ਕੇਵਲ ਅਦਾਰਾ 'ਪਹਿਰੇਦਾਰ' ਦੀ ਈ-ਮੇਲ rozanapehredaradvt@gmail.com 'ਤੇ ਹੀ ਭੇਜੇ ਜਾਣ।
